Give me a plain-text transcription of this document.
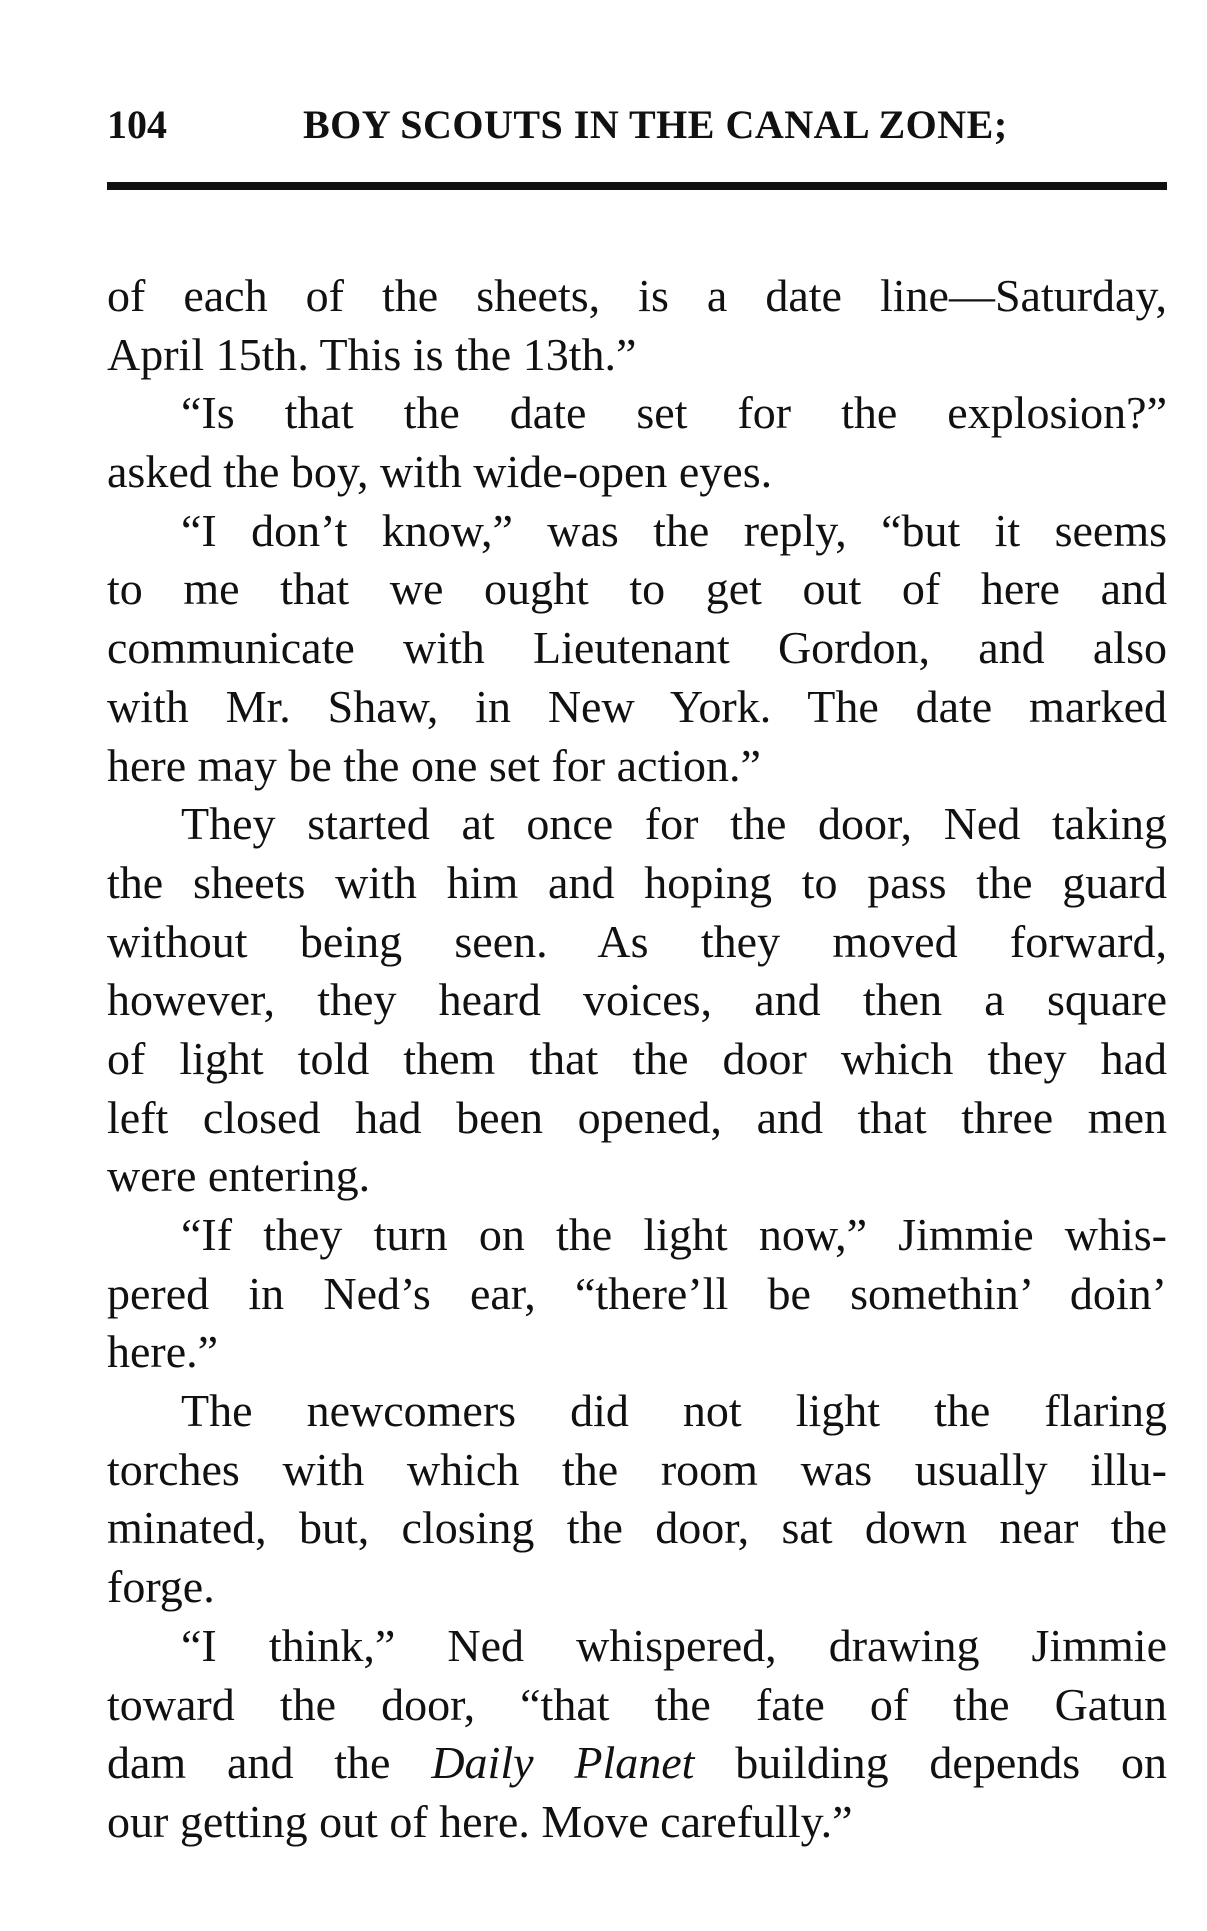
104	BOY SCOUTS IN THE CANAL ZONE;
of each of the sheets, is a date line—Saturday,
April 15th. This is the 13th.”
“Is that the date set for the explosion?”
asked the boy, with wide-open eyes.
“I don’t know,” was the reply, “but it seems
to me that we ought to get out of here and
communicate with Lieutenant Gordon, and also
with Mr. Shaw, in New York. The date marked
here may be the one set for action.”
They started at once for the door, Ned taking
the sheets with him and hoping to pass the guard
without being seen. As they moved forward,
however, they heard voices, and then a square
of light told them that the door which they had
left closed had been opened, and that three men
were entering.
“If they turn on the light now,” Jimmie whis-
pered in Ned’s ear, “there’ll be somethin’ doin’
here.”
The newcomers did not light the flaring
torches with which the room was usually illu-
minated, but, closing the door, sat down near the
forge.
“I think,” Ned whispered, drawing Jimmie
toward the door, “that the fate of the Gatun
dam and the Daily Planet building depends on
our getting out of here. Move carefully.”
